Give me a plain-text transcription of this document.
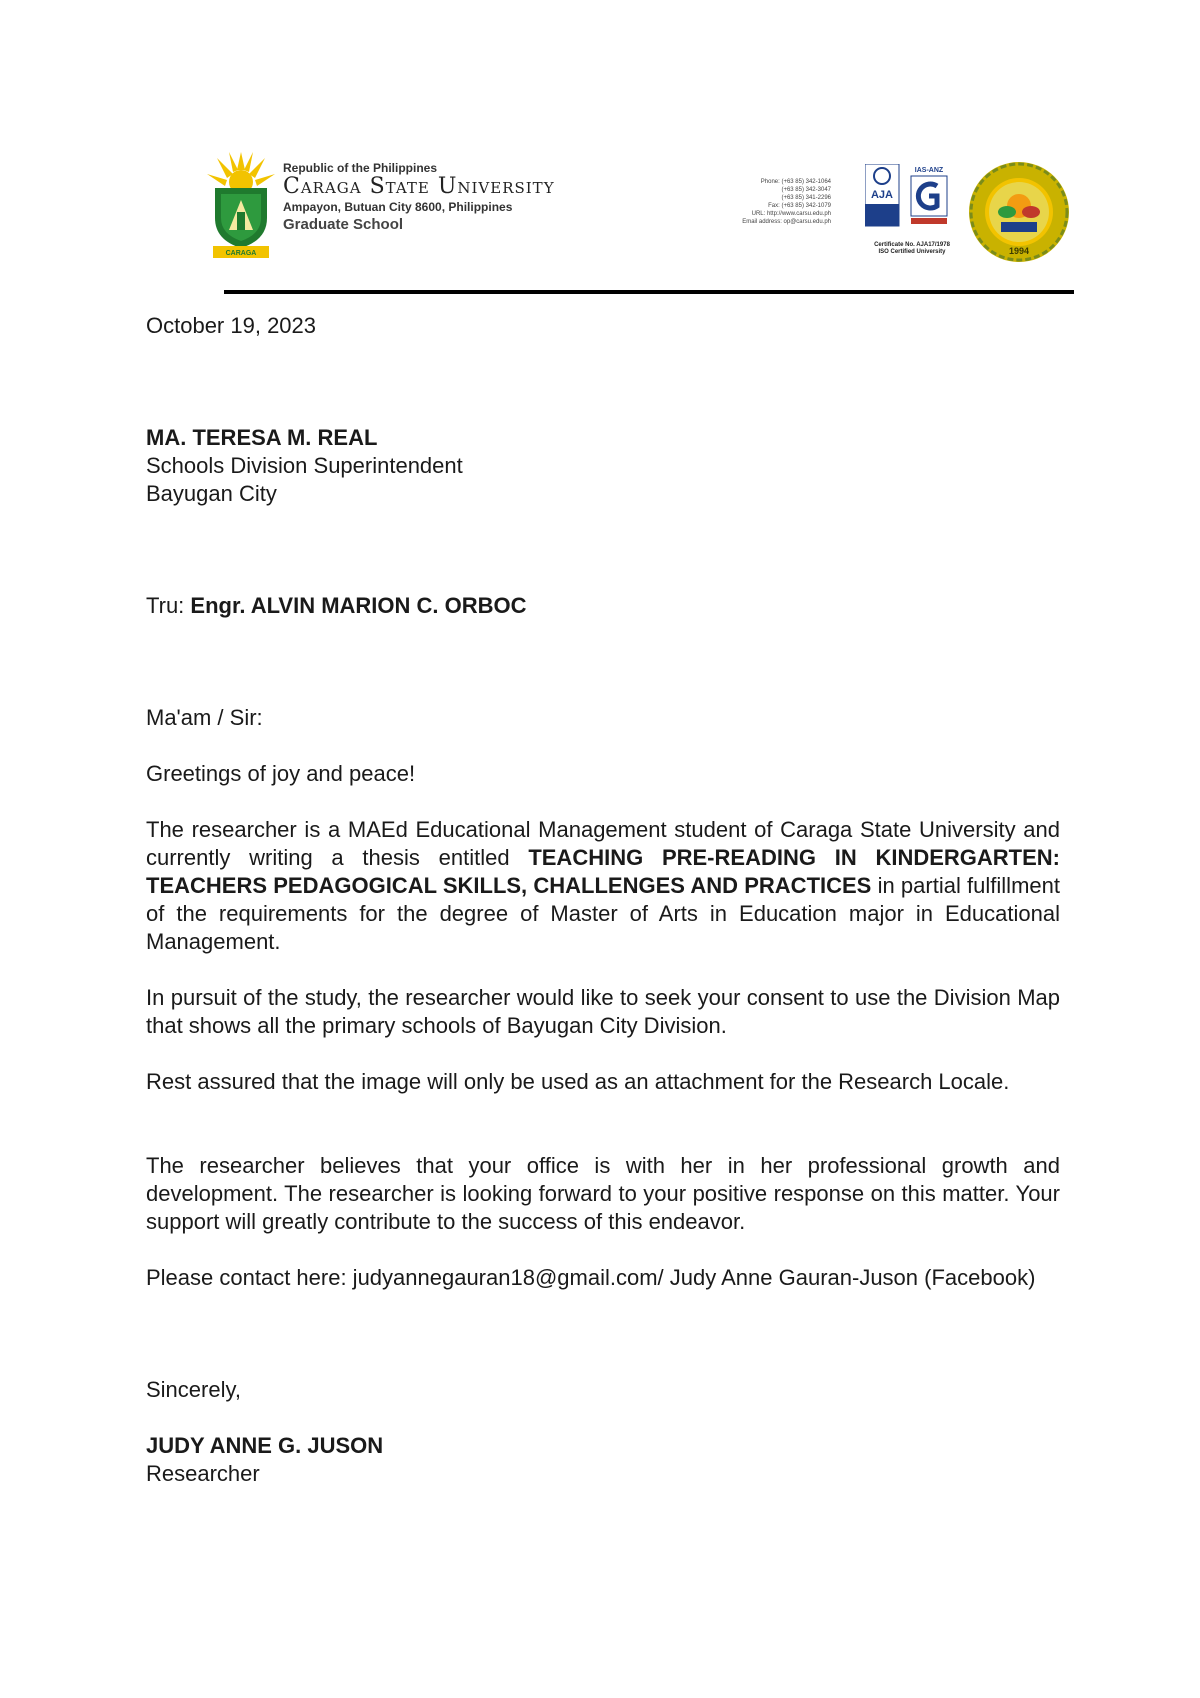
CARAGA
Republic of the Philippines
Caraga State University
Ampayon, Butuan City 8600, Philippines
Graduate School
Phone: (+63 85) 342-1064
(+63 85) 342-3047
(+63 85) 341-2296
Fax: (+63 85) 342-1079
URL: http://www.carsu.edu.ph
Email address: op@carsu.edu.ph
AJA
IAS-ANZ
Certificate No. AJA17/1978
ISO Certified University	1994
October 19, 2023
MA. TERESA M. REAL
Schools Division Superintendent
Bayugan City
Tru: Engr. ALVIN MARION C. ORBOC
Ma'am / Sir:
Greetings of joy and peace!
The researcher is a MAEd Educational Management student of Caraga State University and currently writing a thesis entitled TEACHING PRE-READING IN KINDERGARTEN: TEACHERS PEDAGOGICAL SKILLS, CHALLENGES AND PRACTICES in partial fulfillment of the requirements for the degree of Master of Arts in Education major in Educational Management.
In pursuit of the study, the researcher would like to seek your consent to use the Division Map that shows all the primary schools of Bayugan City Division.
Rest assured that the image will only be used as an attachment for the Research Locale.
The researcher believes that your office is with her in her professional growth and development. The researcher is looking forward to your positive response on this matter. Your support will greatly contribute to the success of this endeavor.
Please contact here: judyannegauran18@gmail.com/ Judy Anne Gauran-Juson (Facebook)
Sincerely,
JUDY ANNE G. JUSON
Researcher
